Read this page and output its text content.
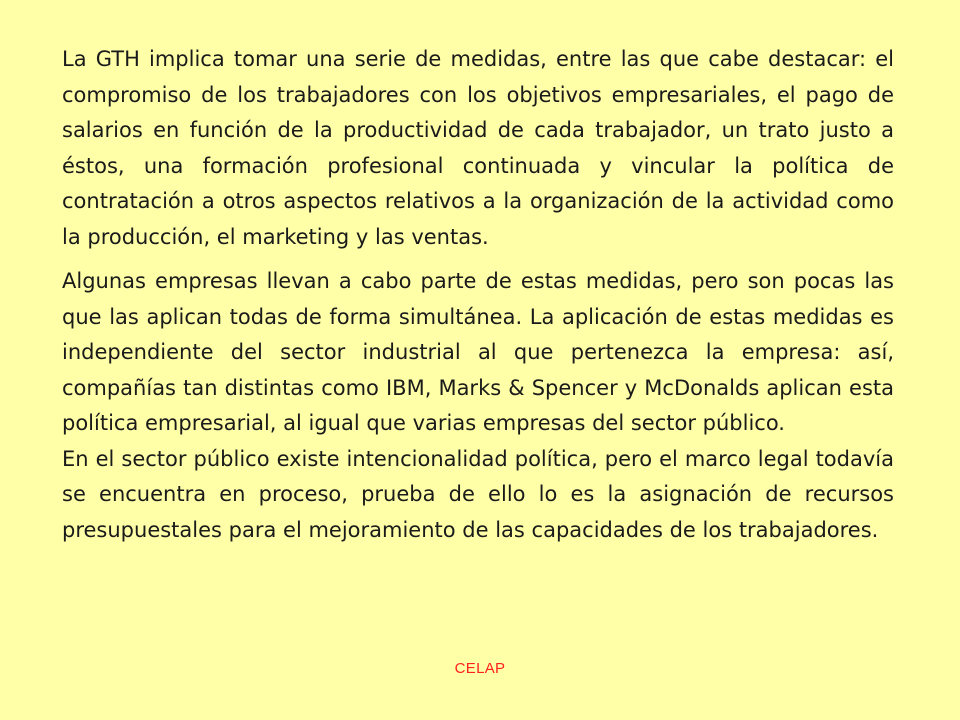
La GTH implica tomar una serie de medidas, entre las que cabe destacar: el compromiso de los trabajadores con los objetivos empresariales, el pago de salarios en función de la productividad de cada trabajador, un trato justo a éstos, una formación profesional continuada y vincular la política de contratación a otros aspectos relativos a la organización de la actividad como la producción, el marketing y las ventas.

Algunas empresas llevan a cabo parte de estas medidas, pero son pocas las que las aplican todas de forma simultánea. La aplicación de estas medidas es independiente del sector industrial al que pertenezca la empresa: así, compañías tan distintas como IBM, Marks & Spencer y McDonalds aplican esta política empresarial, al igual que varias empresas del sector público.

En el sector público existe intencionalidad política, pero el marco legal todavía se encuentra en proceso, prueba de ello lo es la asignación de recursos presupuestales para el mejoramiento de las capacidades de los trabajadores.

CELAP
